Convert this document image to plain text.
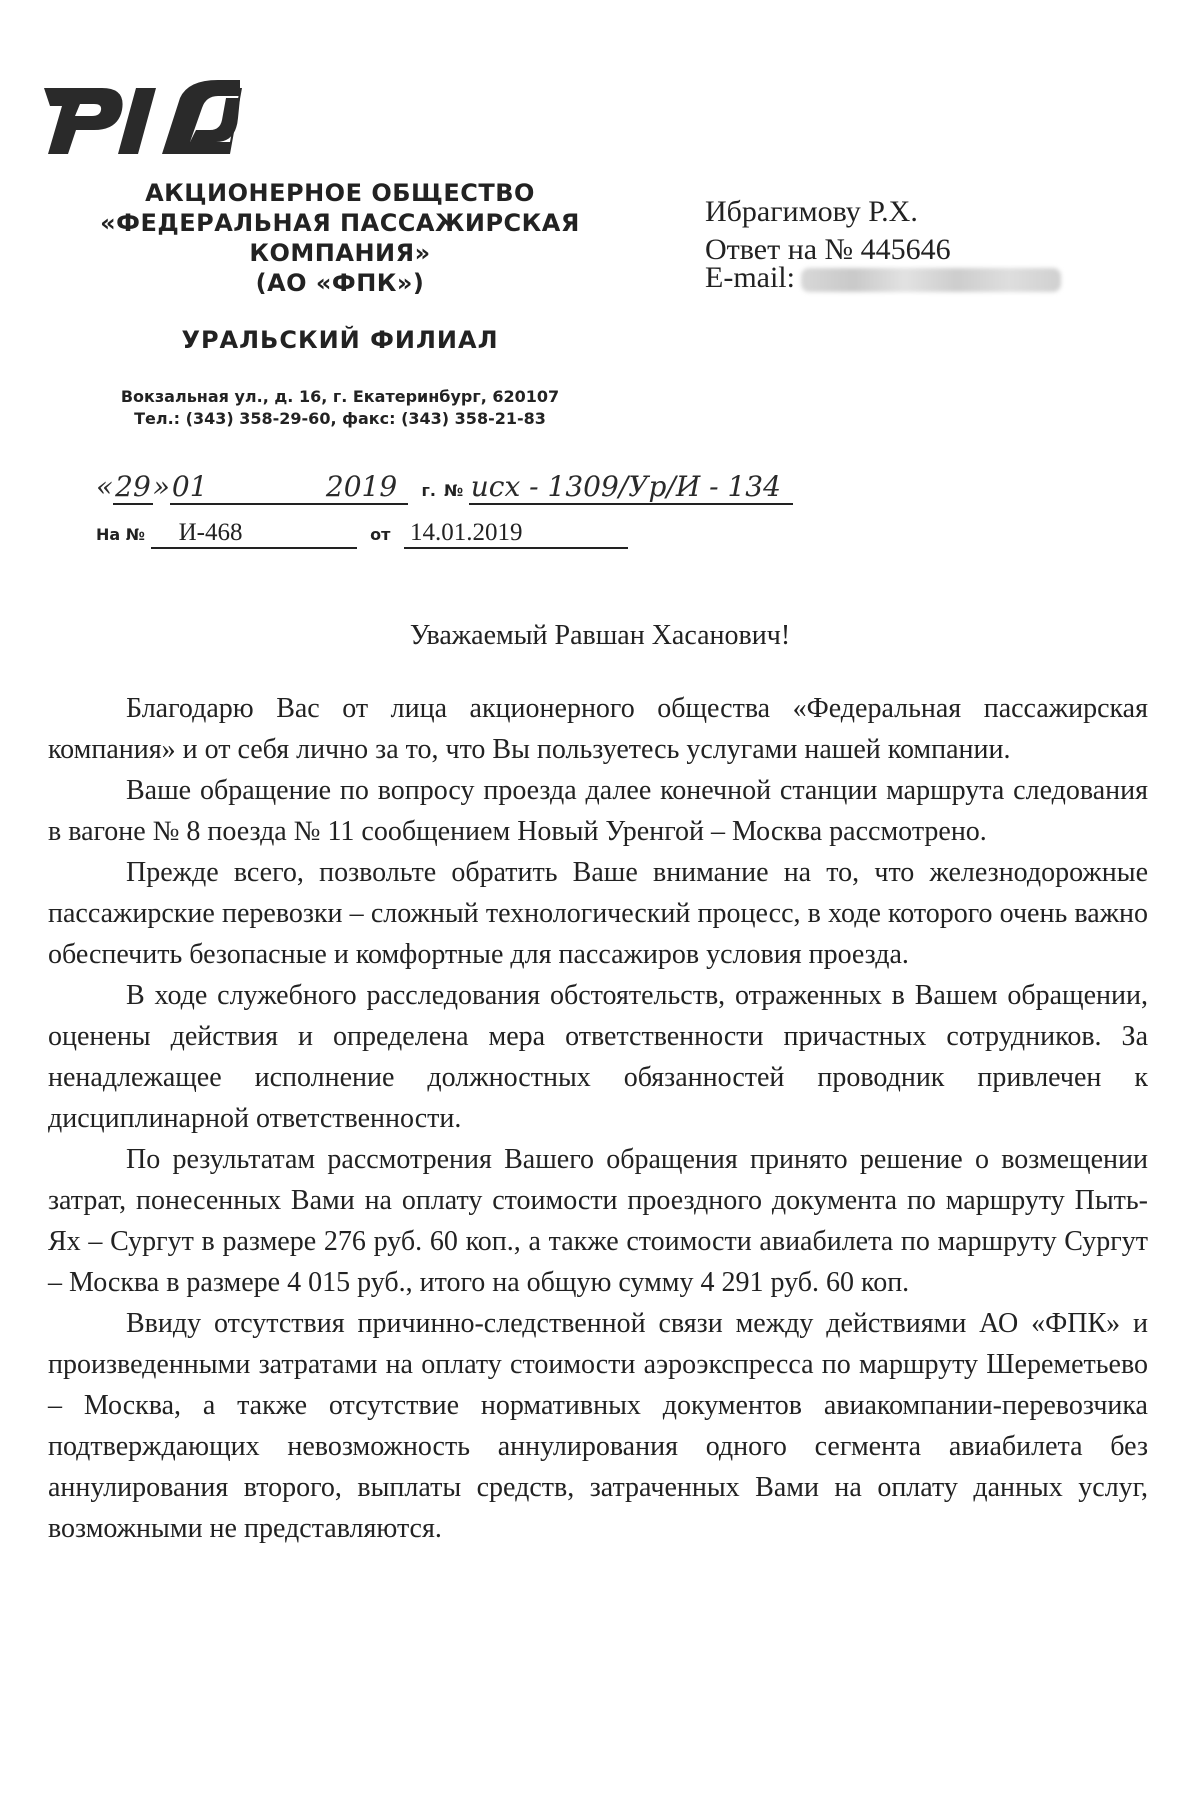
АКЦИОНЕРНОЕ ОБЩЕСТВО
«ФЕДЕРАЛЬНАЯ ПАССАЖИРСКАЯ
КОМПАНИЯ»
(АО «ФПК»)
УРАЛЬСКИЙ ФИЛИАЛ
Вокзальная ул., д. 16, г. Екатеринбург, 620107
Тел.: (343) 358-29-60, факс: (343) 358-21-83
Ибрагимову Р.Х.
Ответ на № 445646
E-mail:
«29»01	2019 г. № исх - 1309/Ур/И - 134
На № И-468	от 14.01.2019
Уважаемый Равшан Хасанович!

Благодарю Вас от лица акционерного общества «Федеральная пассажирская компания» и от себя лично за то, что Вы пользуетесь услугами нашей компании.

Ваше обращение по вопросу проезда далее конечной станции маршрута следования в вагоне № 8 поезда № 11 сообщением Новый Уренгой – Москва рассмотрено.

Прежде всего, позвольте обратить Ваше внимание на то, что железнодорожные пассажирские перевозки – сложный технологический процесс, в ходе которого очень важно обеспечить безопасные и комфортные для пассажиров условия проезда.

В ходе служебного расследования обстоятельств, отраженных в Вашем обращении, оценены действия и определена мера ответственности причастных сотрудников. За ненадлежащее исполнение должностных обязанностей проводник привлечен к дисциплинарной ответственности.

По результатам рассмотрения Вашего обращения принято решение о возмещении затрат, понесенных Вами на оплату стоимости проездного документа по маршруту Пыть-Ях – Сургут в размере 276 руб. 60 коп., а также стоимости авиабилета по маршруту Сургут – Москва в размере 4 015 руб., итого на общую сумму 4 291 руб. 60 коп.

Ввиду отсутствия причинно-следственной связи между действиями АО «ФПК» и произведенными затратами на оплату стоимости аэроэкспресса по маршруту Шереметьево – Москва, а также отсутствие нормативных документов авиакомпании-перевозчика подтверждающих невозможность аннулирования одного сегмента авиабилета без аннулирования второго, выплаты средств, затраченных Вами на оплату данных услуг, возможными не представляются.
